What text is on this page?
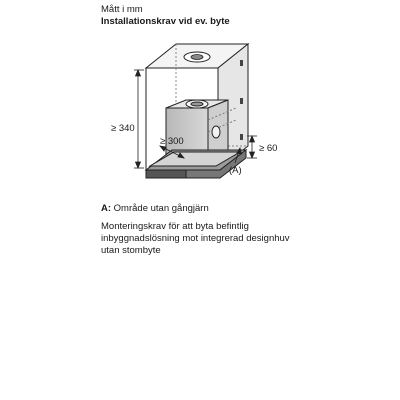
Mått i mm

Installationskrav vid ev. byte

≥ 340
≥ 300
≥ 60
(A)

A: Område utan gångjärn

Monteringskrav för att byta befintlig
inbyggnadslösning mot integrerad designhuv
utan stombyte
